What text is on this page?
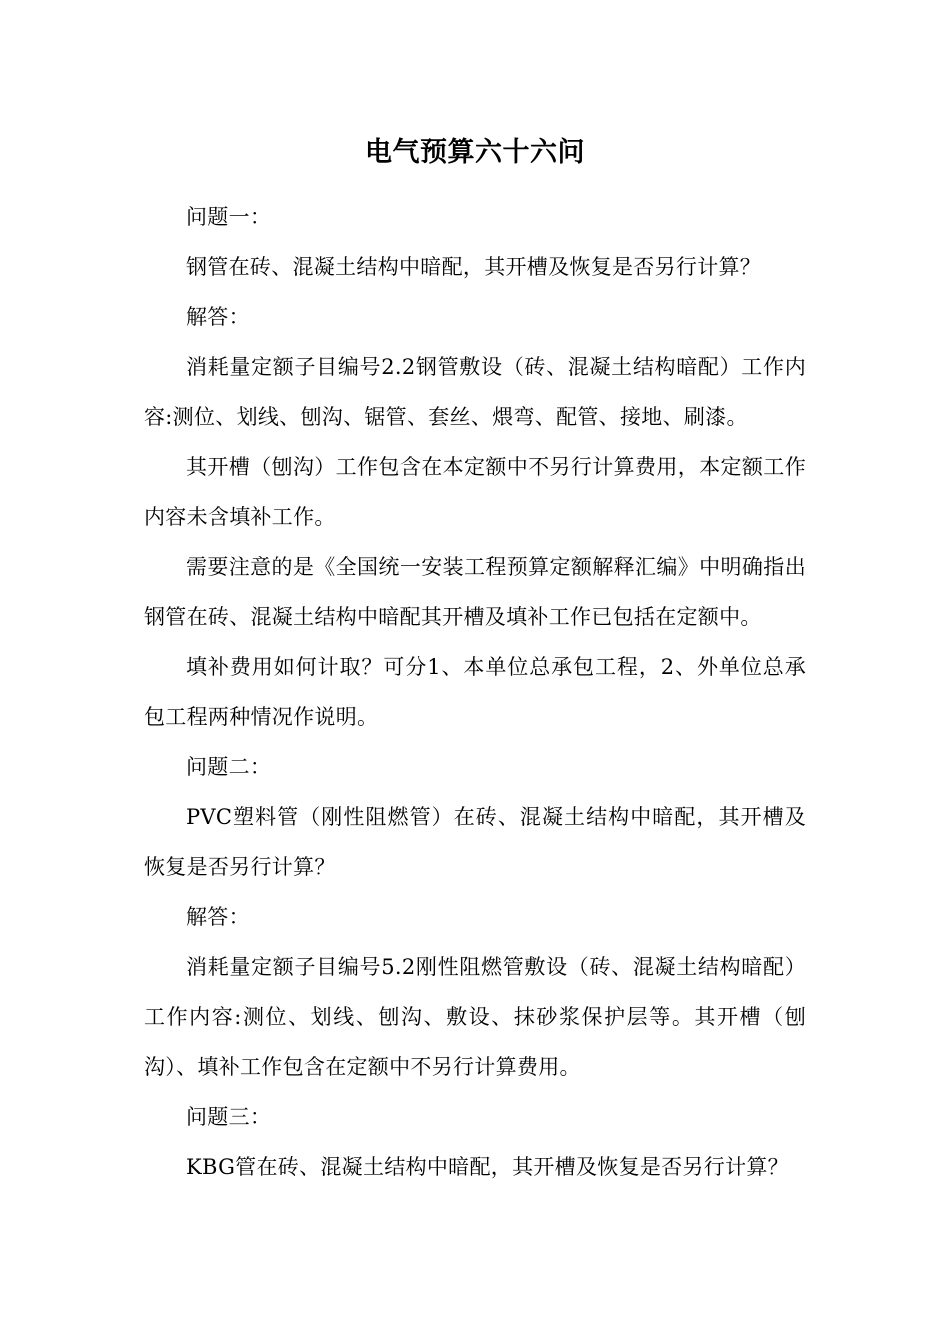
电气预算六十六问

问题一：

钢管在砖、混凝土结构中暗配，其开槽及恢复是否另行计算？

解答：

消耗量定额子目编号2.2钢管敷设（砖、混凝土结构暗配）工作内容:测位、划线、刨沟、锯管、套丝、煨弯、配管、接地、刷漆。

其开槽（刨沟）工作包含在本定额中不另行计算费用，本定额工作内容未含填补工作。

需要注意的是《全国统一安装工程预算定额解释汇编》中明确指出钢管在砖、混凝土结构中暗配其开槽及填补工作已包括在定额中。

填补费用如何计取？可分1、本单位总承包工程，2、外单位总承包工程两种情况作说明。

问题二：

PVC塑料管（刚性阻燃管）在砖、混凝土结构中暗配，其开槽及恢复是否另行计算？

解答：

消耗量定额子目编号5.2刚性阻燃管敷设（砖、混凝土结构暗配）工作内容:测位、划线、刨沟、敷设、抹砂浆保护层等。其开槽（刨沟）、填补工作包含在定额中不另行计算费用。

问题三：

KBG管在砖、混凝土结构中暗配，其开槽及恢复是否另行计算？
